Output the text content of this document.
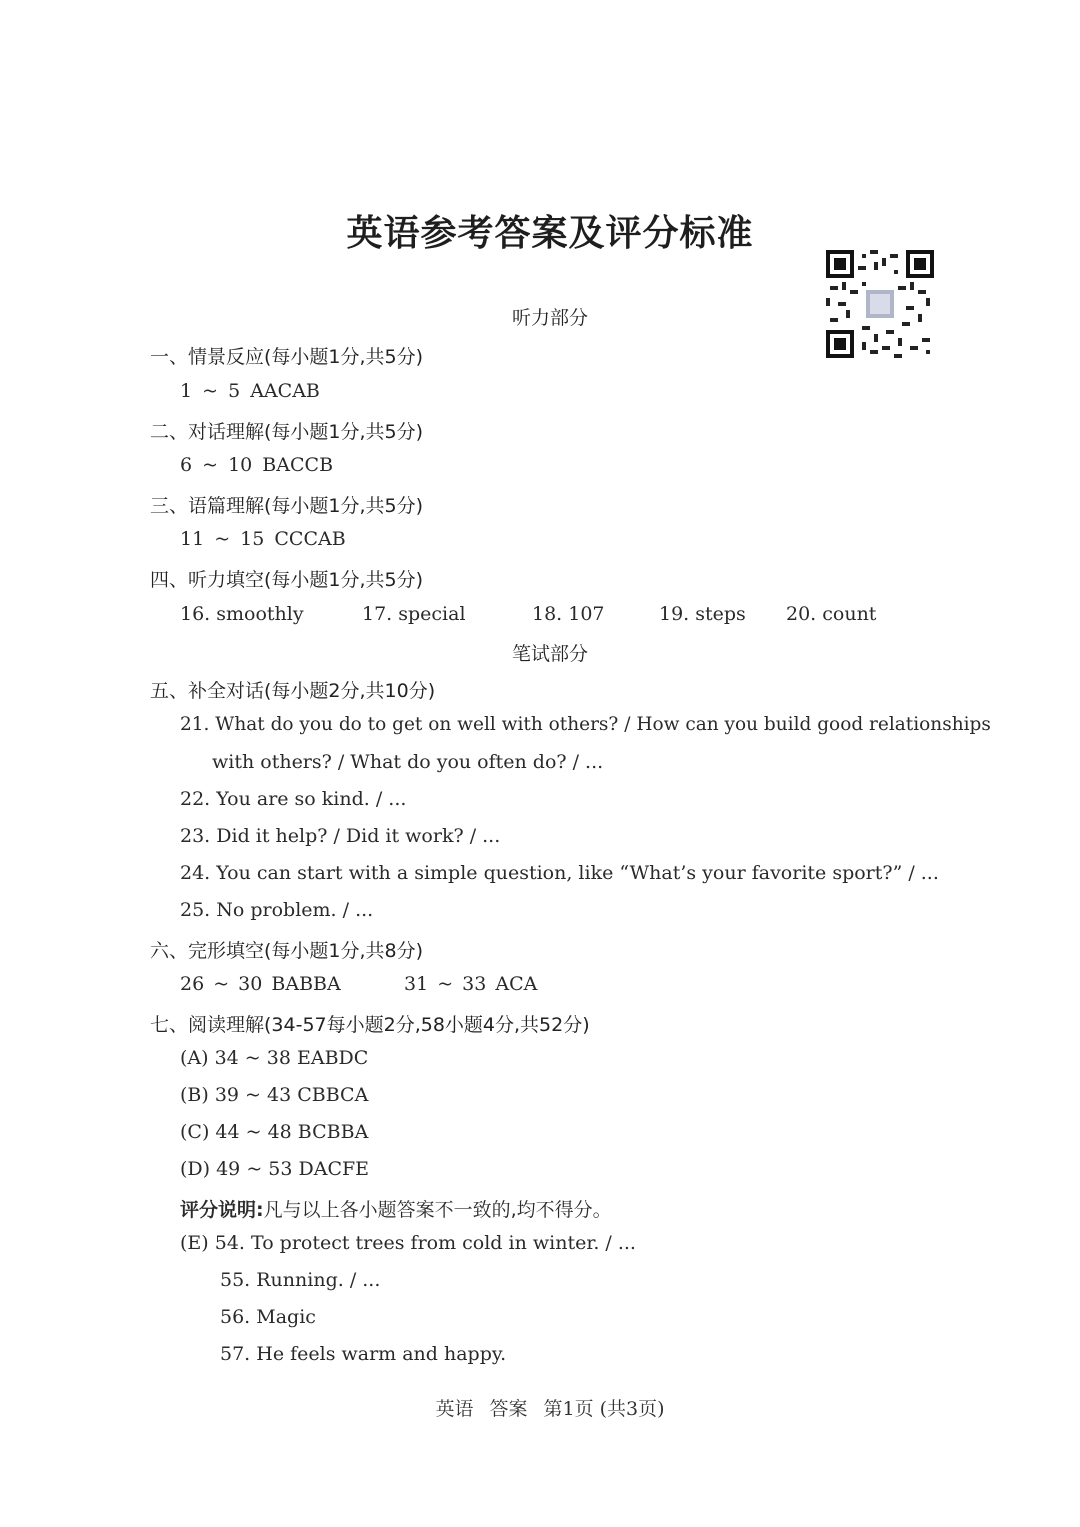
英语参考答案及评分标准
听力部分
一、情景反应(每小题1分,共5分)
1 ~ 5 AACAB
二、对话理解(每小题1分,共5分)
6 ~ 10 BACCB
三、语篇理解(每小题1分,共5分)
11 ~ 15 CCCAB
四、听力填空(每小题1分,共5分)
16. smoothly	17. special	18. 107	19. steps 20. count
笔试部分
五、补全对话(每小题2分,共10分)
21. What do you do to get on well with others? / How can you build good relationships
with others? / What do you often do? / ...
22. You are so kind. / ...
23. Did it help? / Did it work? / ...
24. You can start with a simple question, like “What’s your favorite sport?” / ...
25. No problem. / ...
六、完形填空(每小题1分,共8分)
26 ~ 30 BABBA	31 ~ 33 ACA
七、阅读理解(34-57每小题2分,58小题4分,共52分)
(A) 34 ~ 38 EABDC
(B) 39 ~ 43 CBBCA
(C) 44 ~ 48 BCBBA
(D) 49 ~ 53 DACFE
评分说明:凡与以上各小题答案不一致的,均不得分。
(E) 54. To protect trees from cold in winter. / ...
55. Running. / ...
56. Magic
57. He feels warm and happy.
英语 答案 第1页 (共3页)
